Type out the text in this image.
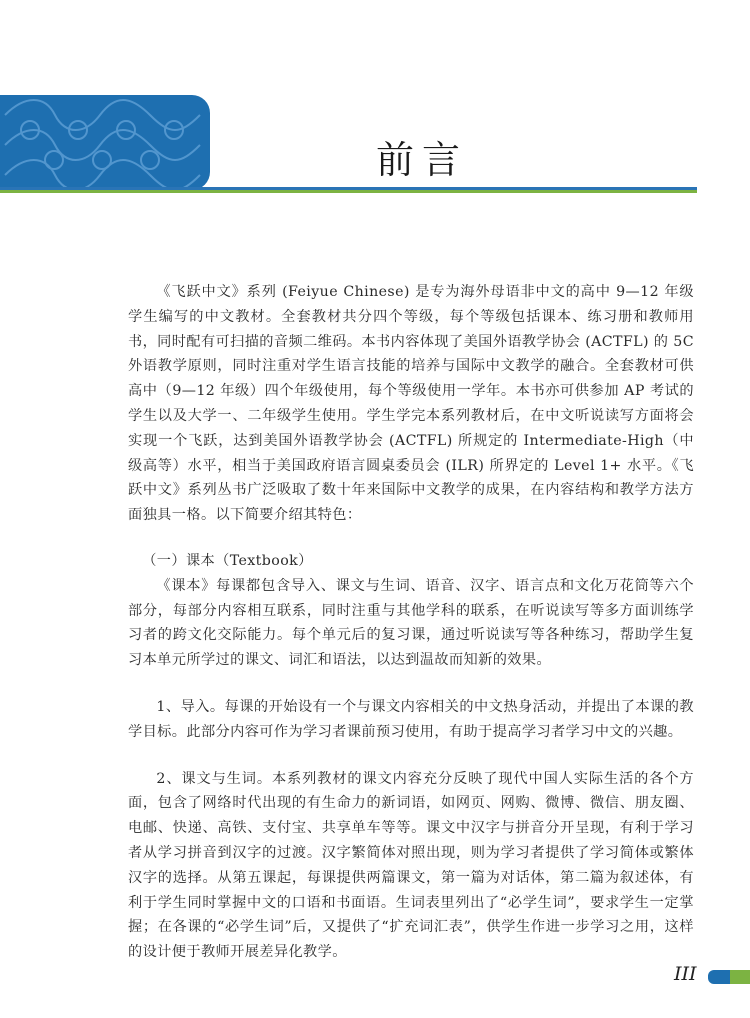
前言

《飞跃中文》系列 (Feiyue Chinese) 是专为海外母语非中文的高中 9—12 年级学生编写的中文教材。全套教材共分四个等级，每个等级包括课本、练习册和教师用书，同时配有可扫描的音频二维码。本书内容体现了美国外语教学协会 (ACTFL) 的 5C 外语教学原则，同时注重对学生语言技能的培养与国际中文教学的融合。全套教材可供高中（9—12 年级）四个年级使用，每个等级使用一学年。本书亦可供参加 AP 考试的学生以及大学一、二年级学生使用。学生学完本系列教材后，在中文听说读写方面将会实现一个飞跃，达到美国外语教学协会 (ACTFL) 所规定的 Intermediate-High（中级高等）水平，相当于美国政府语言圆桌委员会 (ILR) 所界定的 Level 1+ 水平。《飞跃中文》系列丛书广泛吸取了数十年来国际中文教学的成果，在内容结构和教学方法方面独具一格。以下简要介绍其特色：

（一）课本（Textbook）

《课本》每课都包含导入、课文与生词、语音、汉字、语言点和文化万花筒等六个部分，每部分内容相互联系，同时注重与其他学科的联系，在听说读写等多方面训练学习者的跨文化交际能力。每个单元后的复习课，通过听说读写等各种练习，帮助学生复习本单元所学过的课文、词汇和语法，以达到温故而知新的效果。

1、导入。每课的开始设有一个与课文内容相关的中文热身活动，并提出了本课的教学目标。此部分内容可作为学习者课前预习使用，有助于提高学习者学习中文的兴趣。

2、课文与生词。本系列教材的课文内容充分反映了现代中国人实际生活的各个方面，包含了网络时代出现的有生命力的新词语，如网页、网购、微博、微信、朋友圈、电邮、快递、高铁、支付宝、共享单车等等。课文中汉字与拼音分开呈现，有利于学习者从学习拼音到汉字的过渡。汉字繁简体对照出现，则为学习者提供了学习简体或繁体汉字的选择。从第五课起，每课提供两篇课文，第一篇为对话体，第二篇为叙述体，有利于学生同时掌握中文的口语和书面语。生词表里列出了“必学生词”，要求学生一定掌握；在各课的“必学生词”后，又提供了“扩充词汇表”，供学生作进一步学习之用，这样的设计便于教师开展差异化教学。

III
